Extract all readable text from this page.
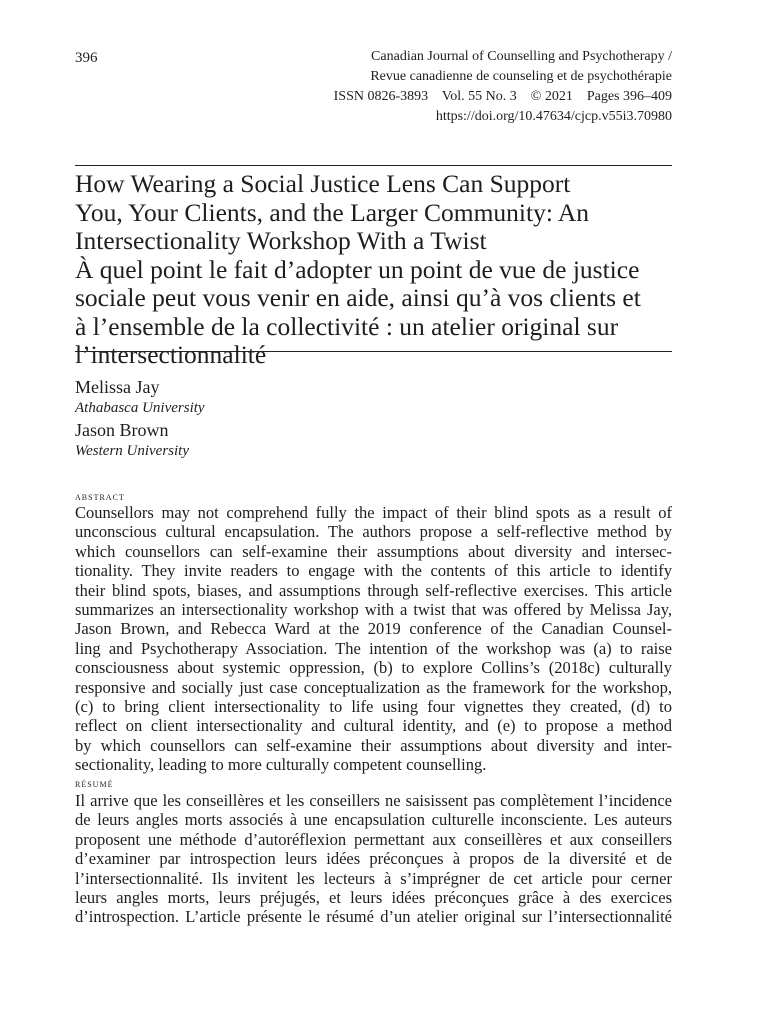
396	Canadian Journal of Counselling and Psychotherapy /
Revue canadienne de counseling et de psychothérapie
ISSN 0826-3893    Vol. 55 No. 3    © 2021    Pages 396–409
https://doi.org/10.47634/cjcp.v55i3.70980
How Wearing a Social Justice Lens Can Support
You, Your Clients, and the Larger Community: An
Intersectionality Workshop With a Twist
À quel point le fait d’adopter un point de vue de justice
sociale peut vous venir en aide, ainsi qu’à vos clients et
à l’ensemble de la collectivité : un atelier original sur
l’intersectionnalité
Melissa Jay
Athabasca University
Jason Brown
Western University
abstract
Counsellors may not comprehend fully the impact of their blind spots as a result of
unconscious cultural encapsulation. The authors propose a self-reflective method by
which counsellors can self-examine their assumptions about diversity and intersec-
tionality. They invite readers to engage with the contents of this article to identify
their blind spots, biases, and assumptions through self-reflective exercises. This article
summarizes an intersectionality workshop with a twist that was offered by Melissa Jay,
Jason Brown, and Rebecca Ward at the 2019 conference of the Canadian Counsel-
ling and Psychotherapy Association. The intention of the workshop was (a) to raise
consciousness about systemic oppression, (b) to explore Collins’s (2018c) culturally
responsive and socially just case conceptualization as the framework for the workshop,
(c) to bring client intersectionality to life using four vignettes they created, (d) to
reflect on client intersectionality and cultural identity, and (e) to propose a method
by which counsellors can self-examine their assumptions about diversity and inter-
sectionality, leading to more culturally competent counselling.
résumé
Il arrive que les conseillères et les conseillers ne saisissent pas complètement l’incidence
de leurs angles morts associés à une encapsulation culturelle inconsciente. Les auteurs
proposent une méthode d’autoréflexion permettant aux conseillères et aux conseillers
d’examiner par introspection leurs idées préconçues à propos de la diversité et de
l’intersectionnalité. Ils invitent les lecteurs à s’imprégner de cet article pour cerner
leurs angles morts, leurs préjugés, et leurs idées préconçues grâce à des exercices
d’introspection. L’article présente le résumé d’un atelier original sur l’intersectionnalité
